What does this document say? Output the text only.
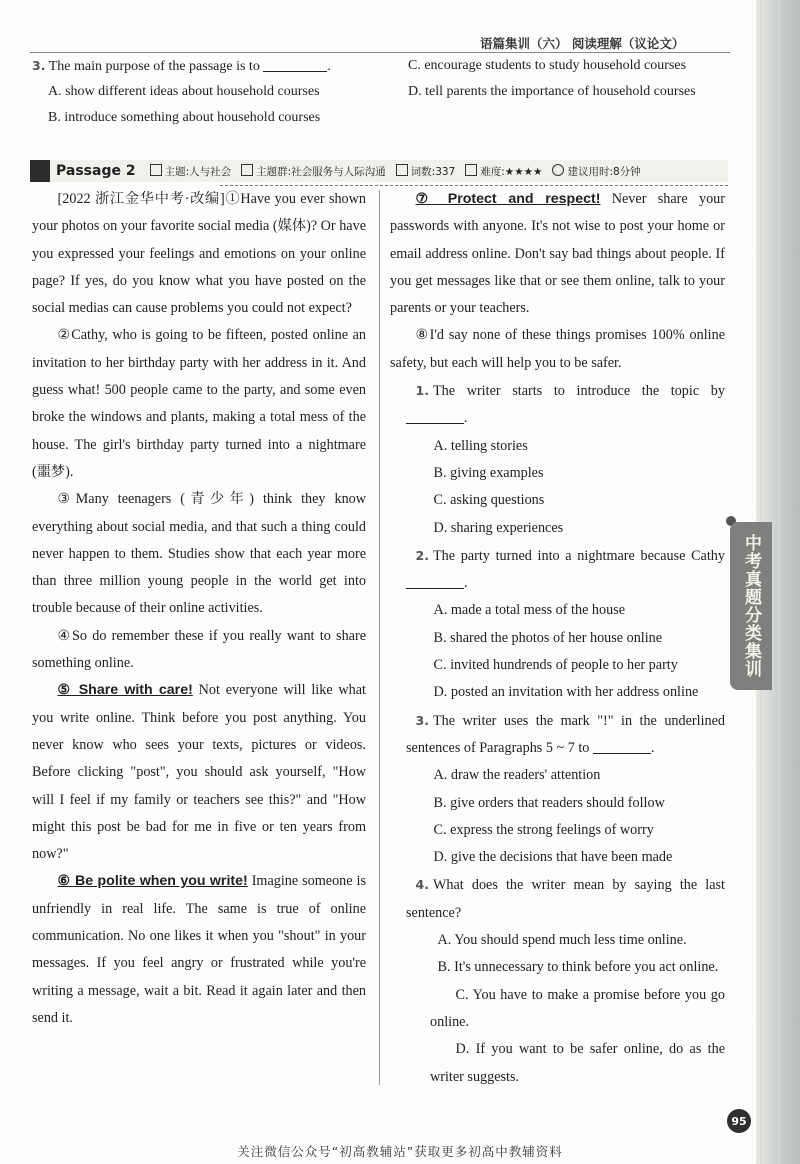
语篇集训（六） 阅读理解（议论文）
3. The main purpose of the passage is to	.
A. show different ideas about household courses
B. introduce something about household courses
C. encourage students to study household courses
D. tell parents the importance of household courses
Passage 2	主题:人与社会	主题群:社会服务与人际沟通	词数:337	难度:★★★★	建议用时:8分钟

[2022 浙江金华中考·改编]①Have you ever shown your photos on your favorite social media (媒体)? Or have you expressed your feelings and emotions on your online page? If yes, do you know what you have posted on the social medias can cause problems you could not expect?

②Cathy, who is going to be fifteen, posted online an invitation to her birthday party with her address in it. And guess what! 500 people came to the party, and some even broke the windows and plants, making a total mess of the house. The girl's birthday party turned into a nightmare (噩梦).

③Many teenagers (青少年) think they know everything about social media, and that such a thing could never happen to them. Studies show that each year more than three million young people in the world get into trouble because of their online activities.

④So do remember these if you really want to share something online.

⑤ Share with care! Not everyone will like what you write online. Think before you post anything. You never know who sees your texts, pictures or videos. Before clicking "post", you should ask yourself, "How will I feel if my family or teachers see this?" and "How might this post be bad for me in five or ten years from now?"

⑥ Be polite when you write! Imagine someone is unfriendly in real life. The same is true of online communication. No one likes it when you "shout" in your messages. If you feel angry or frustrated while you're writing a message, wait a bit. Read it again later and then send it.

⑦ Protect and respect! Never share your passwords with anyone. It's not wise to post your home or email address online. Don't say bad things about people. If you get messages like that or see them online, talk to your parents or your teachers.

⑧I'd say none of these things promises 100% online safety, but each will help you to be safer.

1. The writer starts to introduce the topic by .

A. telling stories

B. giving examples

C. asking questions

D. sharing experiences

2. The party turned into a nightmare because Cathy .

A. made a total mess of the house

B. shared the photos of her house online

C. invited hundrends of people to her party

D. posted an invitation with her address online

3. The writer uses the mark "!" in the underlined sentences of Paragraphs 5 ~ 7 to	.

A. draw the readers' attention

B. give orders that readers should follow

C. express the strong feelings of worry

D. give the decisions that have been made

4. What does the writer mean by saying the last sentence?

A. You should spend much less time online.

B. It's unnecessary to think before you act online.

C. You have to make a promise before you go online.

D. If you want to be safer online, do as the writer suggests.

中考真题分类集训
95
关注微信公众号“初高教辅站”获取更多初高中教辅资料
